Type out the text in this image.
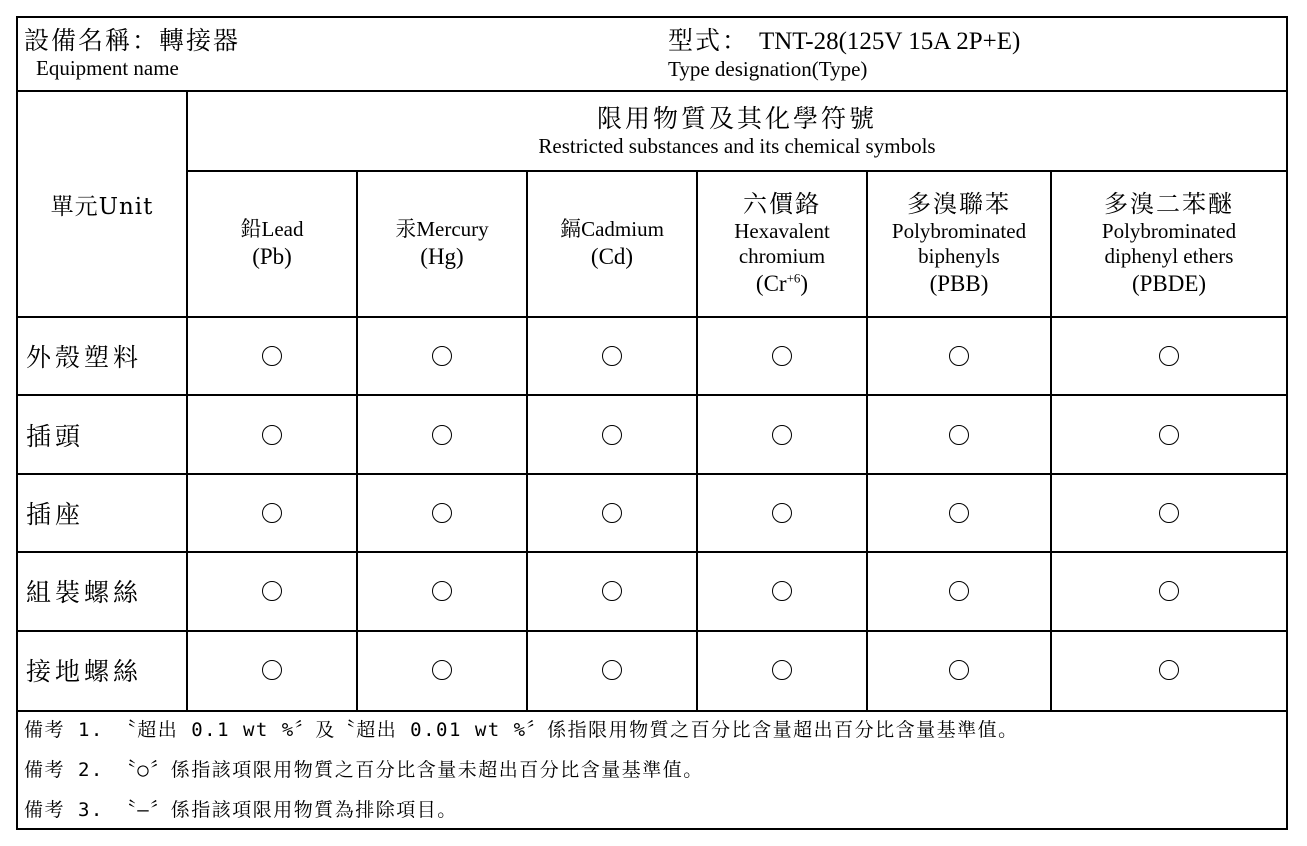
設備名稱：轉接器
Equipment name
型式： TNT-28(125V 15A 2P+E)
Type designation(Type)
單元Unit
限用物質及其化學符號
Restricted substances and its chemical symbols
鉛Lead
(Pb)
汞Mercury
(Hg)
鎘Cadmium
(Cd)
六價鉻
Hexavalent
chromium
$(Cr^{+6})$
多溴聯苯
Polybrominated
biphenyls
(PBB)
多溴二苯醚
Polybrominated
diphenyl ethers
(PBDE)
備考 1. 〝超出 0.1 wt %〞及〝超出 0.01 wt %〞係指限用物質之百分比含量超出百分比含量基準值。
備考 2. 〝○〞係指該項限用物質之百分比含量未超出百分比含量基準值。
備考 3. 〝—〞係指該項限用物質為排除項目。
外殼塑料
插頭
插座
組裝螺絲
接地螺絲
